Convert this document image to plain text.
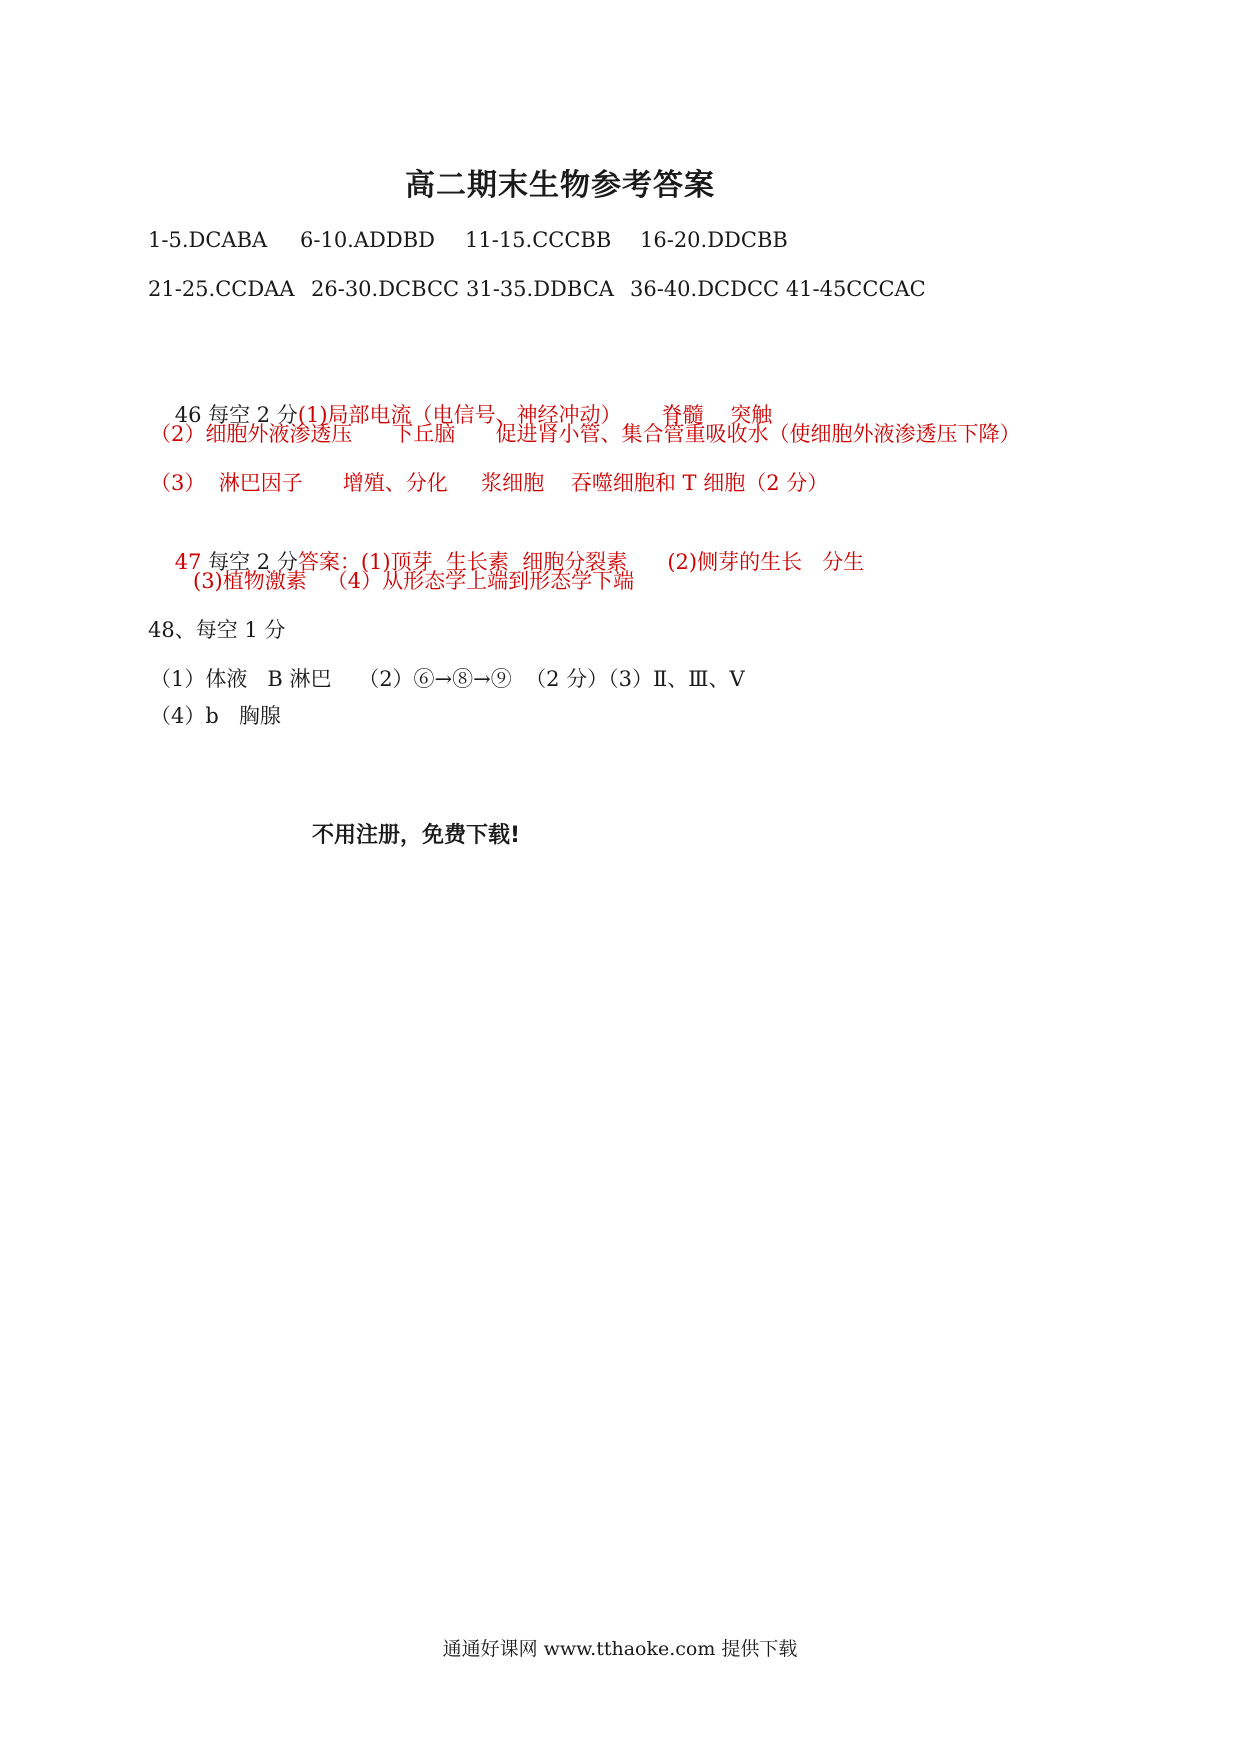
高二期末生物参考答案
1-5.DCABA 6-10.ADDBD 11-15.CCCBB 16-20.DDCBB
21-25.CCDAA 26-30.DCBCC 31-35.DDBCA 36-40.DCDCC 41-45CCCAC

46 每空 2 分(1)局部电流（电信号、神经冲动）      脊髓    突触

（2）细胞外液渗透压      下丘脑      促进肾小管、集合管重吸收水（使细胞外液渗透压下降）
（3）  淋巴因子      增殖、分化     浆细胞    吞噬细胞和 T 细胞（2 分）

47 每空 2 分答案：(1)顶芽  生长素  细胞分裂素      (2)侧芽的生长   分生

(3)植物激素   （4）从形态学上端到形态学下端
48、每空 1 分
（1）体液   B 淋巴    （2）⑥→⑧→⑨  （2 分）（3）Ⅱ、Ⅲ、Ⅴ
（4）b   胸腺
不用注册，免费下载!
通通好课网 www.tthaoke.com 提供下载
